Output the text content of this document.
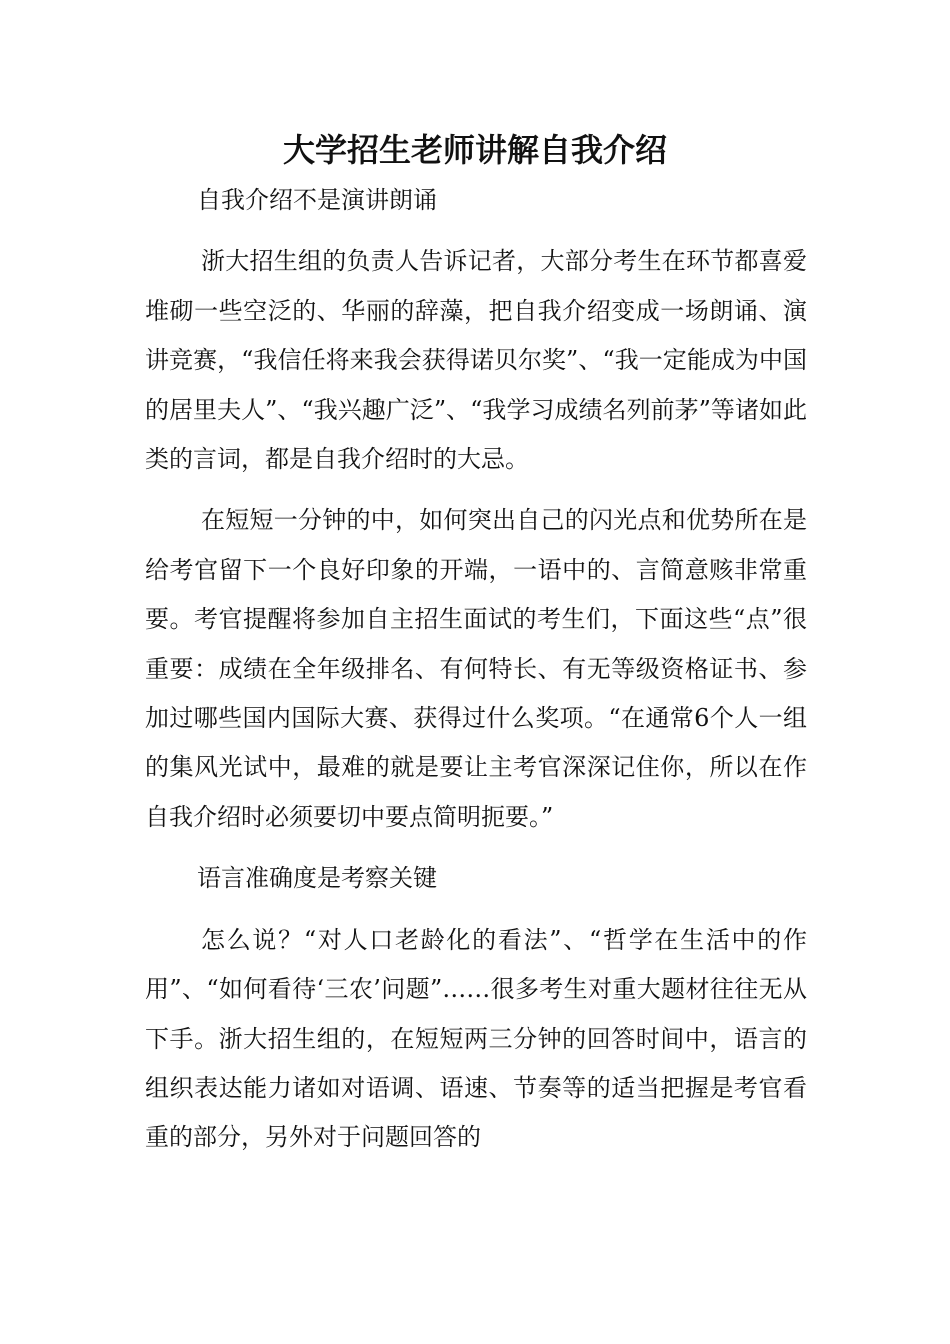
大学招生老师讲解自我介绍

自我介绍不是演讲朗诵

浙大招生组的负责人告诉记者，大部分考生在环节都喜爱堆砌一些空泛的、华丽的辞藻，把自我介绍变成一场朗诵、演讲竞赛，“我信任将来我会获得诺贝尔奖”、“我一定能成为中国的居里夫人”、“我兴趣广泛”、“我学习成绩名列前茅”等诸如此类的言词，都是自我介绍时的大忌。

在短短一分钟的中，如何突出自己的闪光点和优势所在是给考官留下一个良好印象的开端，一语中的、言简意赅非常重要。考官提醒将参加自主招生面试的考生们，下面这些“点”很重要：成绩在全年级排名、有何特长、有无等级资格证书、参加过哪些国内国际大赛、获得过什么奖项。“在通常6个人一组的集风光试中，最难的就是要让主考官深深记住你，所以在作自我介绍时必须要切中要点简明扼要。”

语言准确度是考察关键

怎么说？“对人口老龄化的看法”、“哲学在生活中的作用”、“如何看待‘三农’问题”……很多考生对重大题材往往无从下手。浙大招生组的，在短短两三分钟的回答时间中，语言的组织表达能力诸如对语调、语速、节奏等的适当把握是考官看重的部分，另外对于问题回答的
